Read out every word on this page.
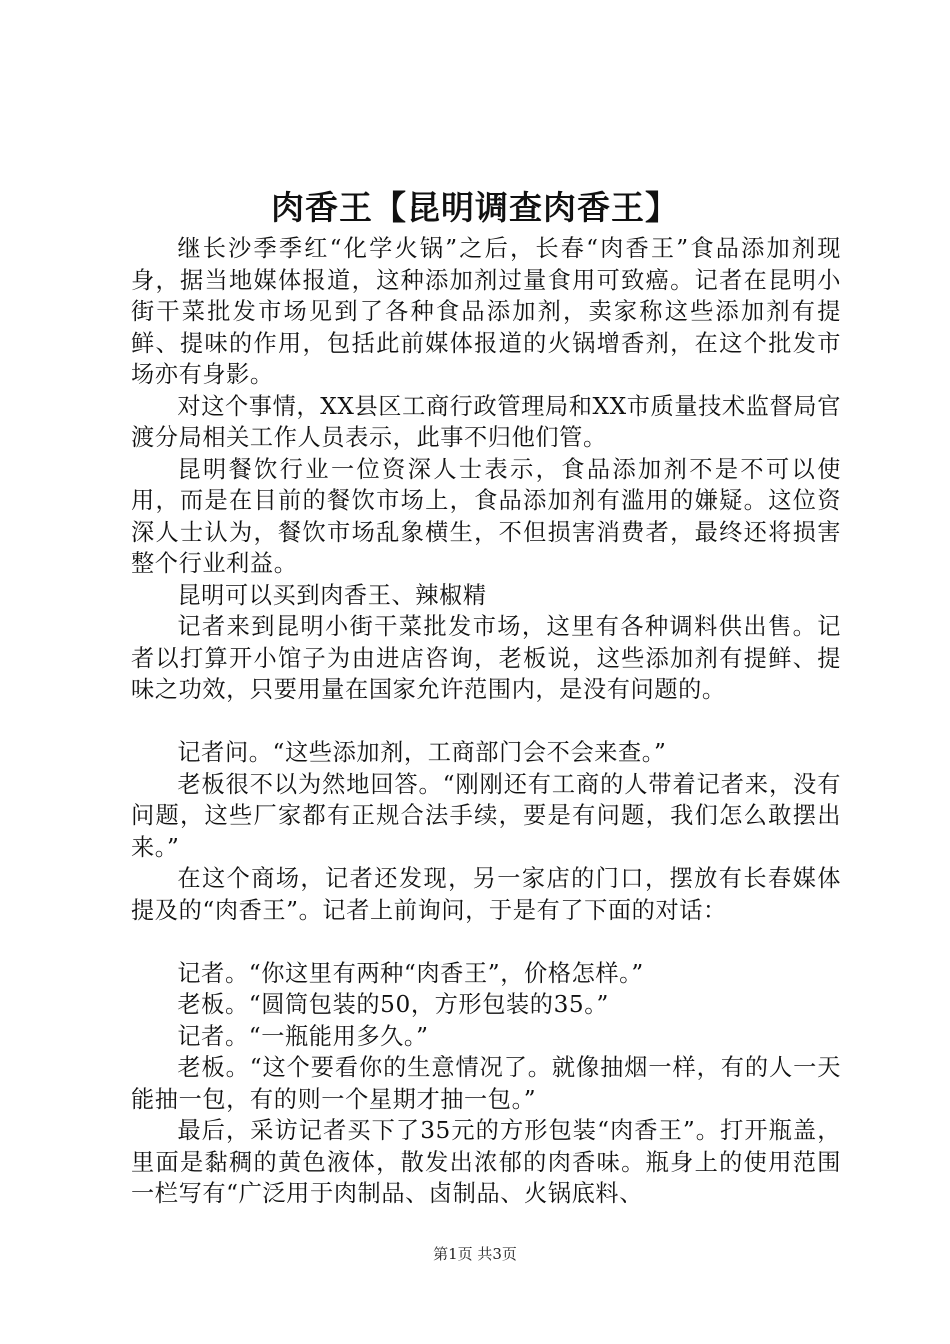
肉香王【昆明调查肉香王】

继长沙季季红“化学火锅”之后，长春“肉香王”食品添加剂现身，据当地媒体报道，这种添加剂过量食用可致癌。记者在昆明小街干菜批发市场见到了各种食品添加剂，卖家称这些添加剂有提鲜、提味的作用，包括此前媒体报道的火锅增香剂，在这个批发市场亦有身影。

对这个事情，XX县区工商行政管理局和XX市质量技术监督局官渡分局相关工作人员表示，此事不归他们管。

昆明餐饮行业一位资深人士表示，食品添加剂不是不可以使用，而是在目前的餐饮市场上，食品添加剂有滥用的嫌疑。这位资深人士认为，餐饮市场乱象横生，不但损害消费者，最终还将损害整个行业利益。

昆明可以买到肉香王、辣椒精

记者来到昆明小街干菜批发市场，这里有各种调料供出售。记者以打算开小馆子为由进店咨询，老板说，这些添加剂有提鲜、提味之功效，只要用量在国家允许范围内，是没有问题的。

记者问。“这些添加剂，工商部门会不会来查。”

老板很不以为然地回答。“刚刚还有工商的人带着记者来，没有问题，这些厂家都有正规合法手续，要是有问题，我们怎么敢摆出来。”

在这个商场，记者还发现，另一家店的门口，摆放有长春媒体提及的“肉香王”。记者上前询问，于是有了下面的对话：

记者。“你这里有两种“肉香王”，价格怎样。”

老板。“圆筒包装的50，方形包装的35。”

记者。“一瓶能用多久。”

老板。“这个要看你的生意情况了。就像抽烟一样，有的人一天能抽一包，有的则一个星期才抽一包。”

最后，采访记者买下了35元的方形包装“肉香王”。打开瓶盖，里面是黏稠的黄色液体，散发出浓郁的肉香味。瓶身上的使用范围一栏写有“广泛用于肉制品、卤制品、火锅底料、

第1页 共3页
